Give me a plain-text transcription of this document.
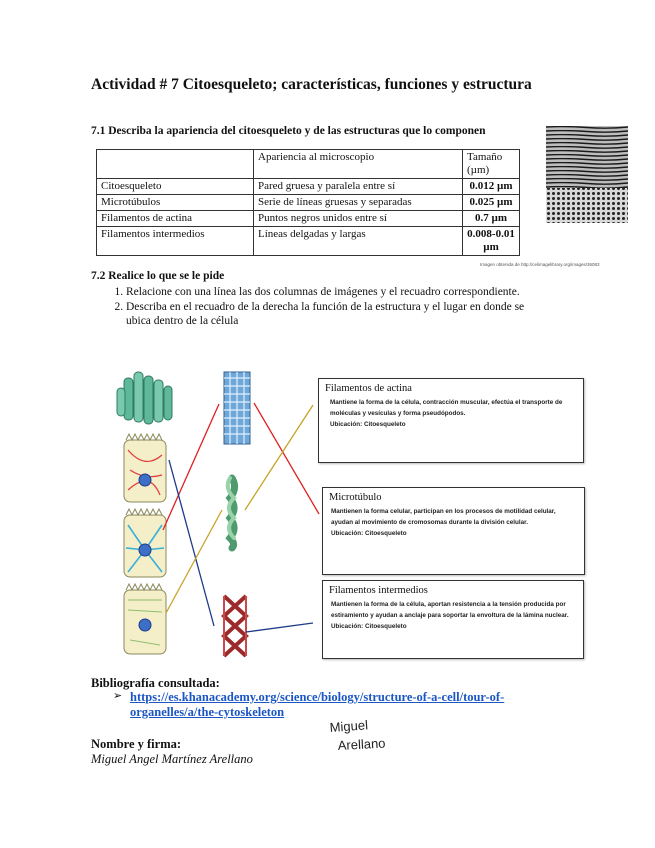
Actividad # 7 Citoesqueleto; características, funciones y estructura
7.1 Describa la apariencia del citoesqueleto y de las estructuras que lo componen
	Apariencia al microscopio	Tamaño (µm)
Citoesqueleto	Pared gruesa y paralela entre sí	0.012 µm
Microtúbulos	Serie de líneas gruesas y separadas	0.025 µm
Filamentos de actina	Puntos negros unidos entre sí	0.7 µm
Filamentos intermedios	Líneas delgadas y largas	0.008-0.01 µm
Imagen obtenida de http://celimagelibrary.org/images/36083
7.2 Realice lo que se le pide
1. Relacione con una línea las dos columnas de imágenes y el recuadro correspondiente.
2. Describa en el recuadro de la derecha la función de la estructura y el lugar en donde se ubica dentro de la célula
Filamentos de actina
Mantiene la forma de la célula, contracción muscular, efectúa el transporte de moléculas y vesículas y forma pseudópodos.
Ubicación: Citoesqueleto
Microtúbulo
Mantienen la forma celular, participan en los procesos de motilidad celular, ayudan al movimiento de cromosomas durante la división celular.
Ubicación: Citoesqueleto
Filamentos intermedios
Mantienen la forma de la célula, aportan resistencia a la tensión producida por estiramiento y ayudan a anclaje para soportar la envoltura de la lámina nuclear.
Ubicación: Citoesqueleto
Bibliografía consultada:
➢ https://es.khanacademy.org/science/biology/structure-of-a-cell/tour-of-organelles/a/the-cytoskeleton
Nombre y firma:
Miguel Angel Martínez Arellano
Miguel
Arellano
